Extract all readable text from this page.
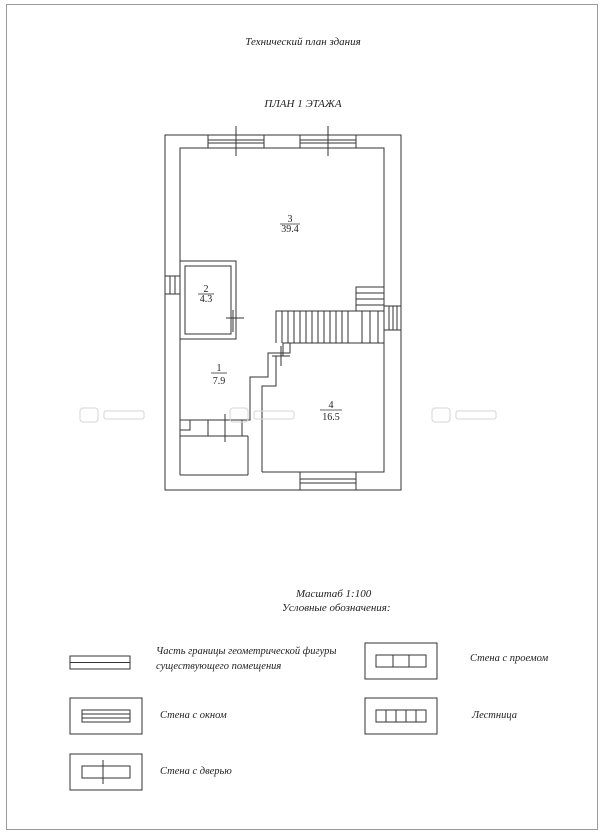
Технический план здания
ПЛАН 1 ЭТАЖА
3
39.4
2
4.3
1
7.9
4
16.5
Масштаб 1:100
Условные обозначения:
Часть границы геометрической фигуры
существующего помещения
Стена с проемом
Стена с окном	Лестница
Стена с дверью
